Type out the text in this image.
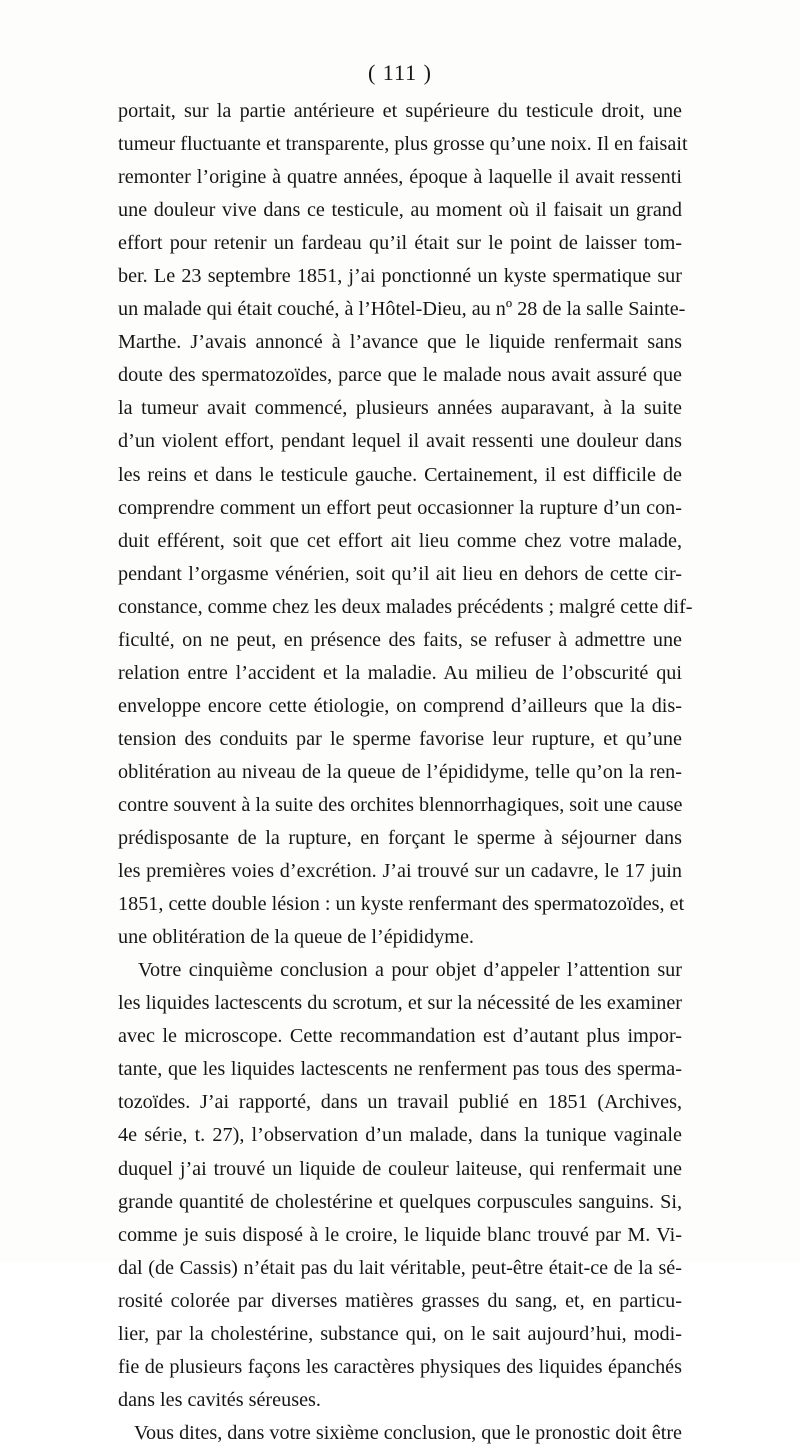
( 111 )
portait, sur la partie antérieure et supérieure du testicule droit, une
tumeur fluctuante et transparente, plus grosse qu’une noix. Il en faisait
remonter l’origine à quatre années, époque à laquelle il avait ressenti
une douleur vive dans ce testicule, au moment où il faisait un grand
effort pour retenir un fardeau qu’il était sur le point de laisser tom-
ber. Le 23 septembre 1851, j’ai ponctionné un kyste spermatique sur
un malade qui était couché, à l’Hôtel-Dieu, au nº 28 de la salle Sainte-
Marthe. J’avais annoncé à l’avance que le liquide renfermait sans
doute des spermatozoïdes, parce que le malade nous avait assuré que
la tumeur avait commencé, plusieurs années auparavant, à la suite
d’un violent effort, pendant lequel il avait ressenti une douleur dans
les reins et dans le testicule gauche. Certainement, il est difficile de
comprendre comment un effort peut occasionner la rupture d’un con-
duit efférent, soit que cet effort ait lieu comme chez votre malade,
pendant l’orgasme vénérien, soit qu’il ait lieu en dehors de cette cir-
constance, comme chez les deux malades précédents ; malgré cette dif-
ficulté, on ne peut, en présence des faits, se refuser à admettre une
relation entre l’accident et la maladie. Au milieu de l’obscurité qui
enveloppe encore cette étiologie, on comprend d’ailleurs que la dis-
tension des conduits par le sperme favorise leur rupture, et qu’une
oblitération au niveau de la queue de l’épididyme, telle qu’on la ren-
contre souvent à la suite des orchites blennorrhagiques, soit une cause
prédisposante de la rupture, en forçant le sperme à séjourner dans
les premières voies d’excrétion. J’ai trouvé sur un cadavre, le 17 juin
1851, cette double lésion : un kyste renfermant des spermatozoïdes, et
une oblitération de la queue de l’épididyme.
Votre cinquième conclusion a pour objet d’appeler l’attention sur
les liquides lactescents du scrotum, et sur la nécessité de les examiner
avec le microscope. Cette recommandation est d’autant plus impor-
tante, que les liquides lactescents ne renferment pas tous des sperma-
tozoïdes. J’ai rapporté, dans un travail publié en 1851 (Archives,
4e série, t. 27), l’observation d’un malade, dans la tunique vaginale
duquel j’ai trouvé un liquide de couleur laiteuse, qui renfermait une
grande quantité de cholestérine et quelques corpuscules sanguins. Si,
comme je suis disposé à le croire, le liquide blanc trouvé par M. Vi-
dal (de Cassis) n’était pas du lait véritable, peut-être était-ce de la sé-
rosité colorée par diverses matières grasses du sang, et, en particu-
lier, par la cholestérine, substance qui, on le sait aujourd’hui, modi-
fie de plusieurs façons les caractères physiques des liquides épanchés
dans les cavités séreuses.
Vous dites, dans votre sixième conclusion, que le pronostic doit être
